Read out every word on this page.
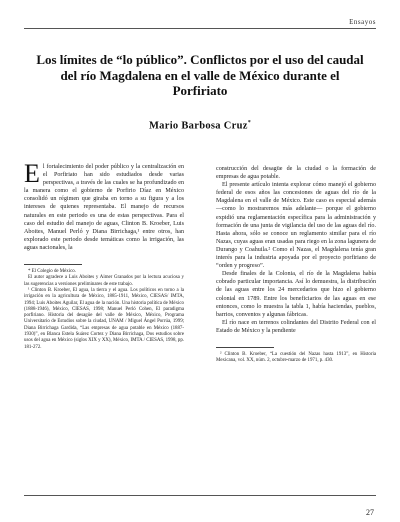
Ensayos
Los límites de “lo público”. Conflictos por el uso del caudal del río Magdalena en el valle de México durante el Porfiriato
Mario Barbosa Cruz*

El fortalecimiento del poder público y la centralización en el Porfiriato han sido estudiados desde varias perspectivas, a través de las cuales se ha profundizado en la manera como el gobierno de Porfirio Díaz en México consolidó un régimen que giraba en torno a su figura y a los intereses de quienes representaba. El manejo de recursos naturales en este periodo es una de estas perspectivas. Para el caso del estudio del manejo de aguas, Clinton B. Kroeber, Luis Aboites, Manuel Perló y Diana Birrichaga,¹ entre otros, han explorado este periodo desde temáticas como la irrigación, las aguas nacionales, la

* El Colegio de México.

El autor agradece a Luis Aboites y Aimer Granados por la lectura acuciosa y las sugerencias a versiones preliminares de este trabajo.

¹ Clinton B. Kroeber, El agua, la tierra y el agua. Los políticos en torno a la irrigación en la agricultura de México, 1885-1911, México, CIESAS/ IMTA, 1994; Luis Aboites Aguilar, El agua de la nación. Una historia política de México (1888-1946), México, CIESAS, 1998; Manuel Perló Cohen, El paradigma porfiriano. Historia del desagüe del valle de México, México, Programa Universitario de Estudios sobre la ciudad, UNAM / Miguel Ángel Porrúa, 1999; Diana Birrichaga Gardida, “Las empresas de agua potable en México (1887-1930)”, en Blanca Estela Suárez Cortez y Diana Birrichaga, Dos estudios sobre usos del agua en México (siglos XIX y XX), México, IMTA / CIESAS, 1998, pp. 181-272.

construcción del desagüe de la ciudad o la formación de empresas de agua potable.

El presente artículo intenta explorar cómo manejó el gobierno federal de esos años las concesiones de aguas del río de la Magdalena en el valle de México. Este caso es especial además —como lo mostraremos más adelante— porque el gobierno expidió una reglamentación específica para la administración y formación de una junta de vigilancia del uso de las aguas del río. Hasta ahora, sólo se conoce un reglamento similar para el río Nazas, cuyas aguas eran usadas para riego en la zona lagunera de Durango y Coahuila.² Como el Nazas, el Magdalena tenía gran interés para la industria apoyada por el proyecto porfiriano de “orden y progreso”.

Desde finales de la Colonia, el río de la Magdalena había cobrado particular importancia. Así lo demuestra, la distribución de las aguas entre los 24 mercedarios que hizo el gobierno colonial en 1789. Entre los beneficiarios de las aguas en ese entonces, como lo muestra la tabla 1, había haciendas, pueblos, barrios, conventos y algunas fábricas.

El río nace en terrenos colindantes del Distrito Federal con el Estado de México y la pendiente

² Clinton B. Kroeber, “La cuestión del Nazas hasta 1913”, en Historia Mexicana, vol. XX, núm. 2, octubre-marzo de 1971, p. 430.

27
